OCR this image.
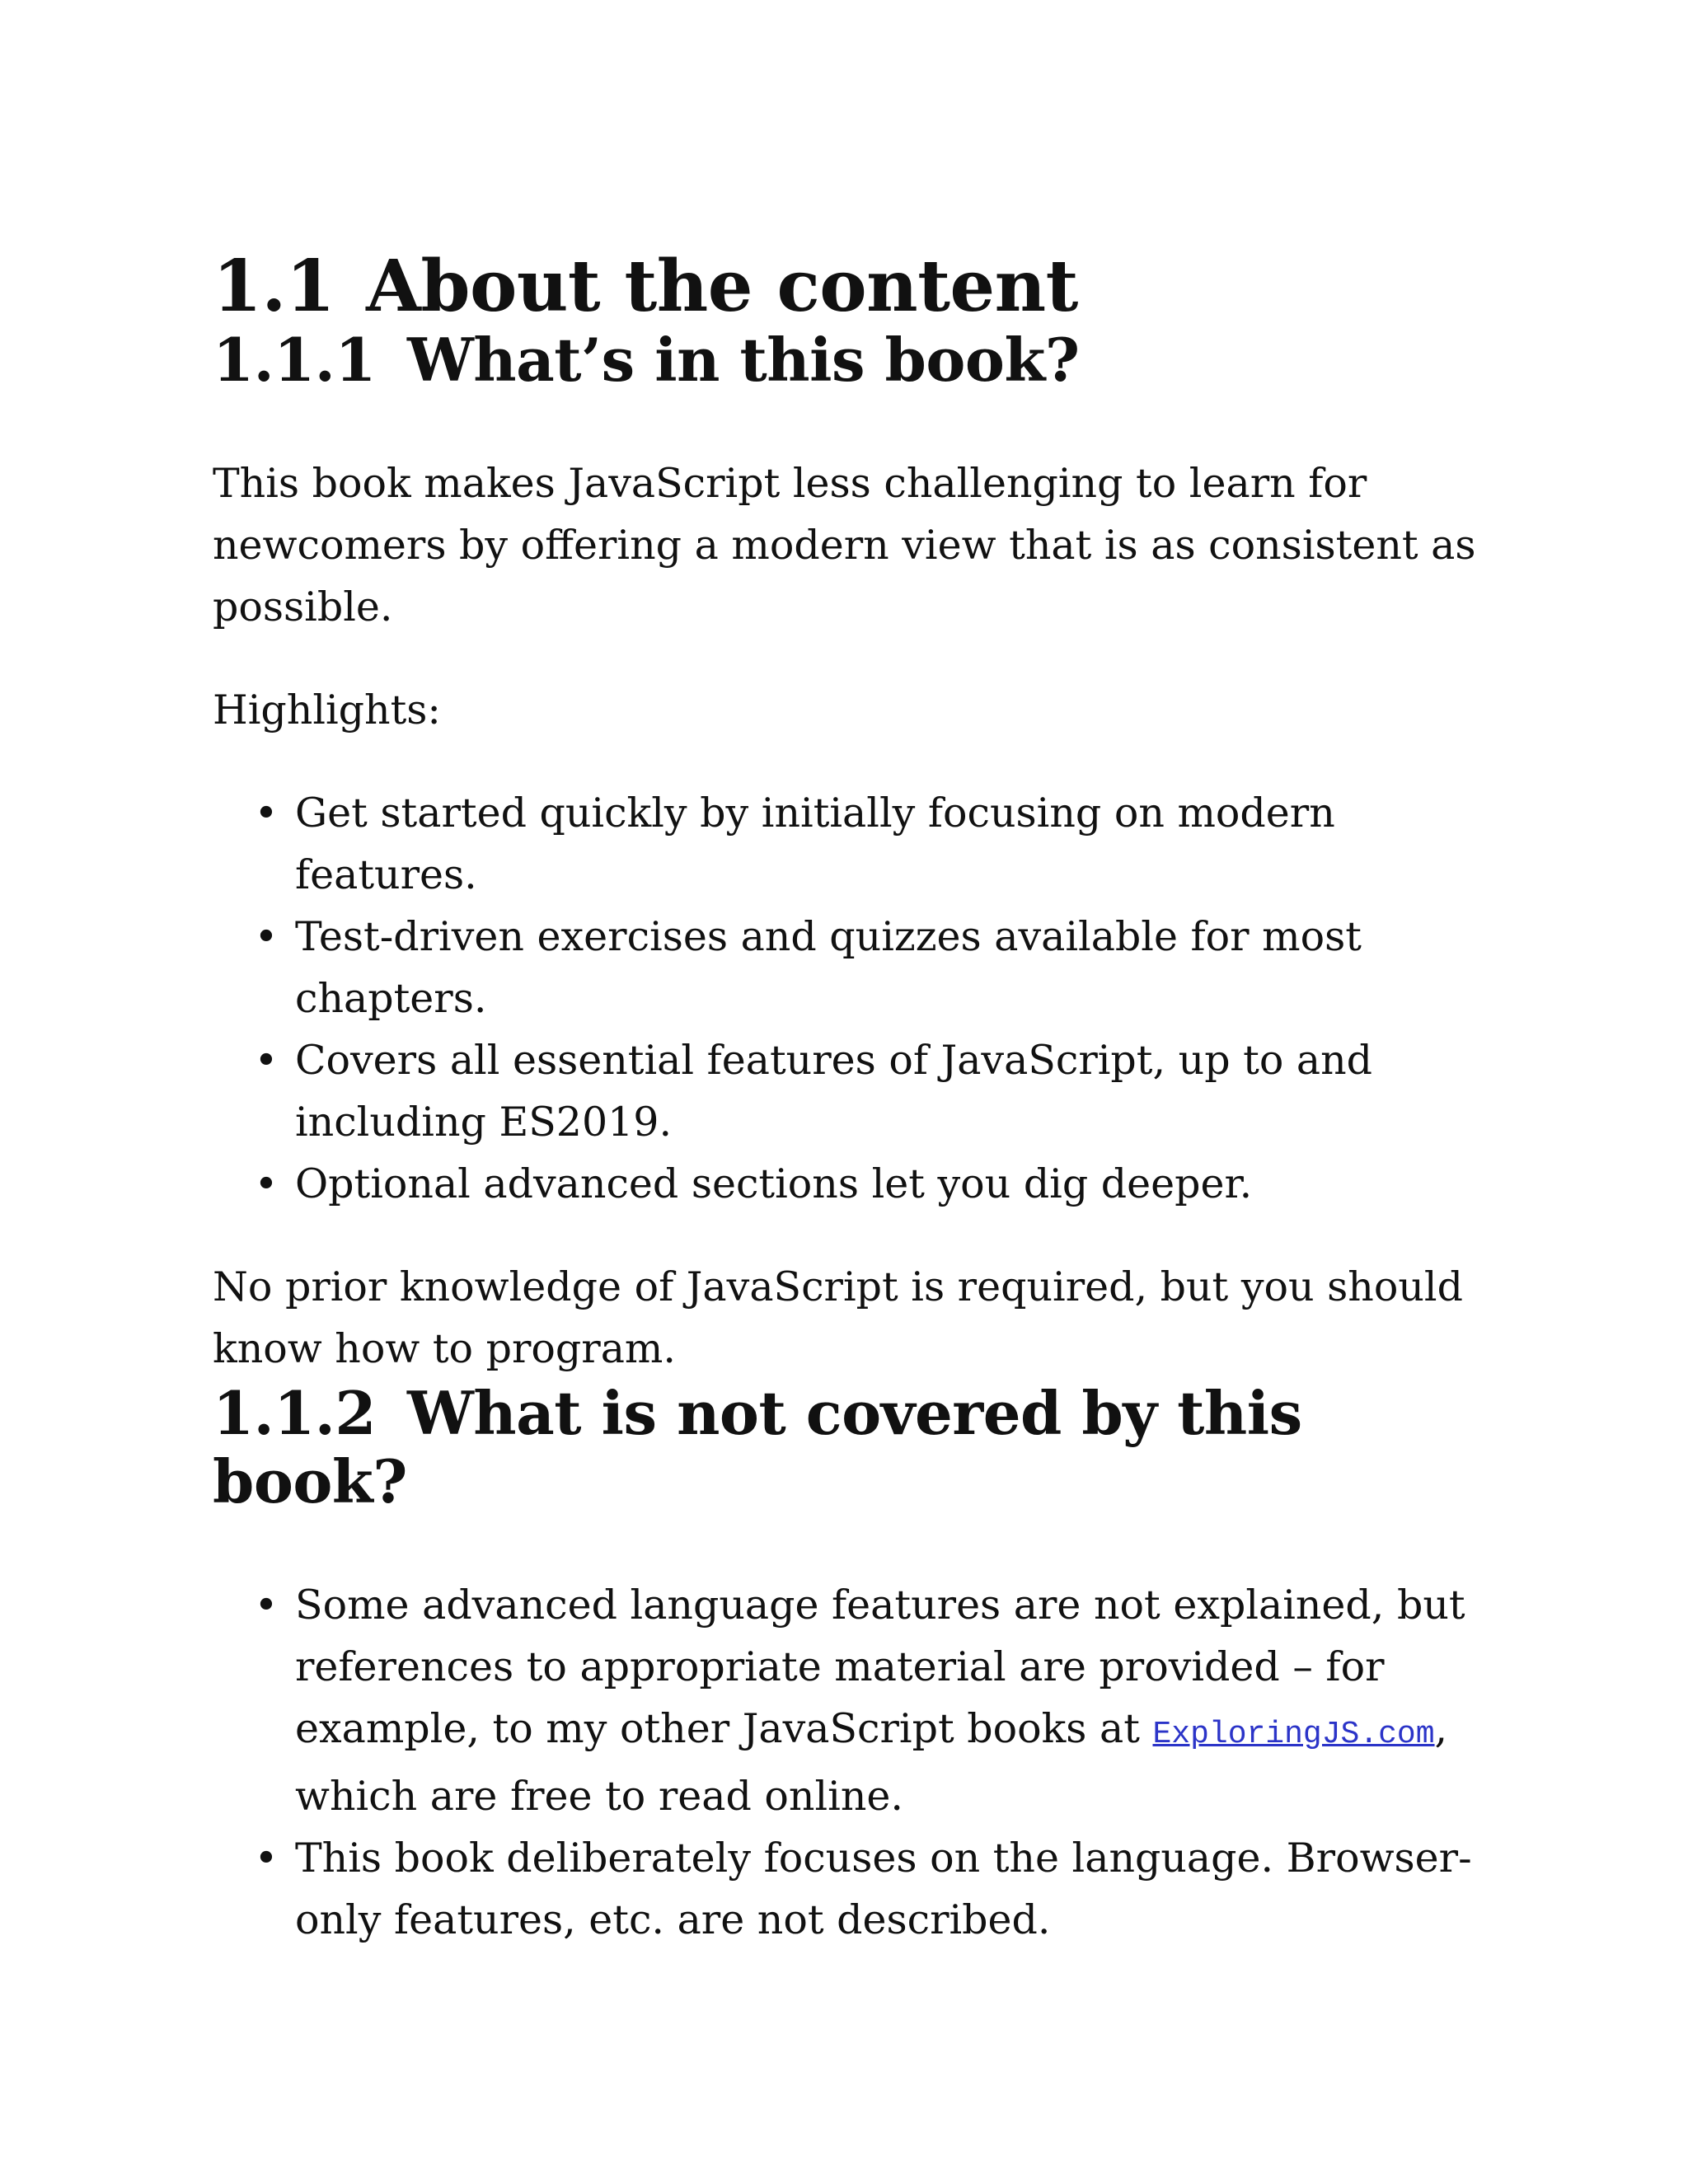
1.1 About the content
1.1.1 What’s in this book?

This book makes JavaScript less challenging to learn for newcomers by offering a modern view that is as consistent as possible.

Highlights:

• Get started quickly by initially focusing on modern features.
• Test-driven exercises and quizzes available for most chapters.
• Covers all essential features of JavaScript, up to and including ES2019.
• Optional advanced sections let you dig deeper.

No prior knowledge of JavaScript is required, but you should know how to program.

1.1.2 What is not covered by this book?
• Some advanced language features are not explained, but references to appropriate material are provided – for example, to my other JavaScript books at ExploringJS.com, which are free to read online.
• This book deliberately focuses on the language. Browser-only features, etc. are not described.
